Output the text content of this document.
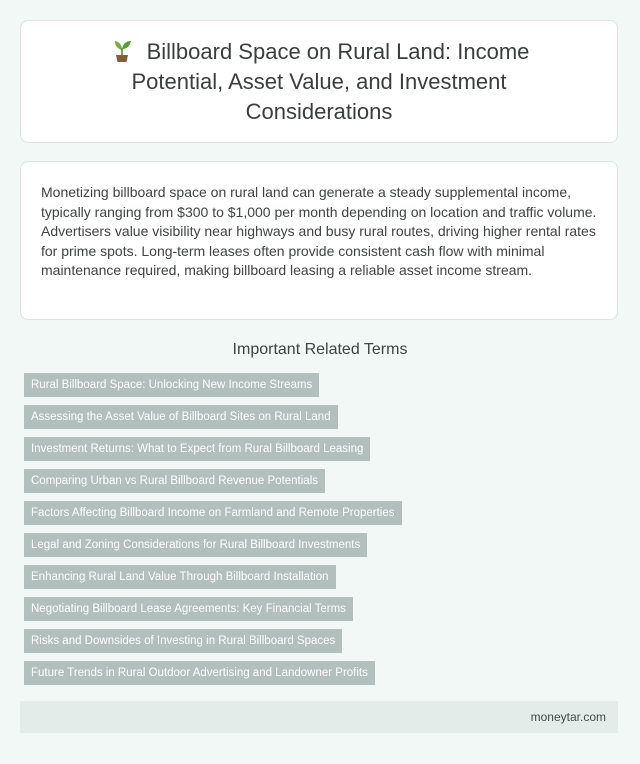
Billboard Space on Rural Land: Income Potential, Asset Value, and Investment Considerations

Monetizing billboard space on rural land can generate a steady supplemental income, typically ranging from $300 to $1,000 per month depending on location and traffic volume. Advertisers value visibility near highways and busy rural routes, driving higher rental rates for prime spots. Long-term leases often provide consistent cash flow with minimal maintenance required, making billboard leasing a reliable asset income stream.

Important Related Terms
Rural Billboard Space: Unlocking New Income Streams
Assessing the Asset Value of Billboard Sites on Rural Land
Investment Returns: What to Expect from Rural Billboard Leasing
Comparing Urban vs Rural Billboard Revenue Potentials
Factors Affecting Billboard Income on Farmland and Remote Properties
Legal and Zoning Considerations for Rural Billboard Investments
Enhancing Rural Land Value Through Billboard Installation
Negotiating Billboard Lease Agreements: Key Financial Terms
Risks and Downsides of Investing in Rural Billboard Spaces
Future Trends in Rural Outdoor Advertising and Landowner Profits
moneytar.com
